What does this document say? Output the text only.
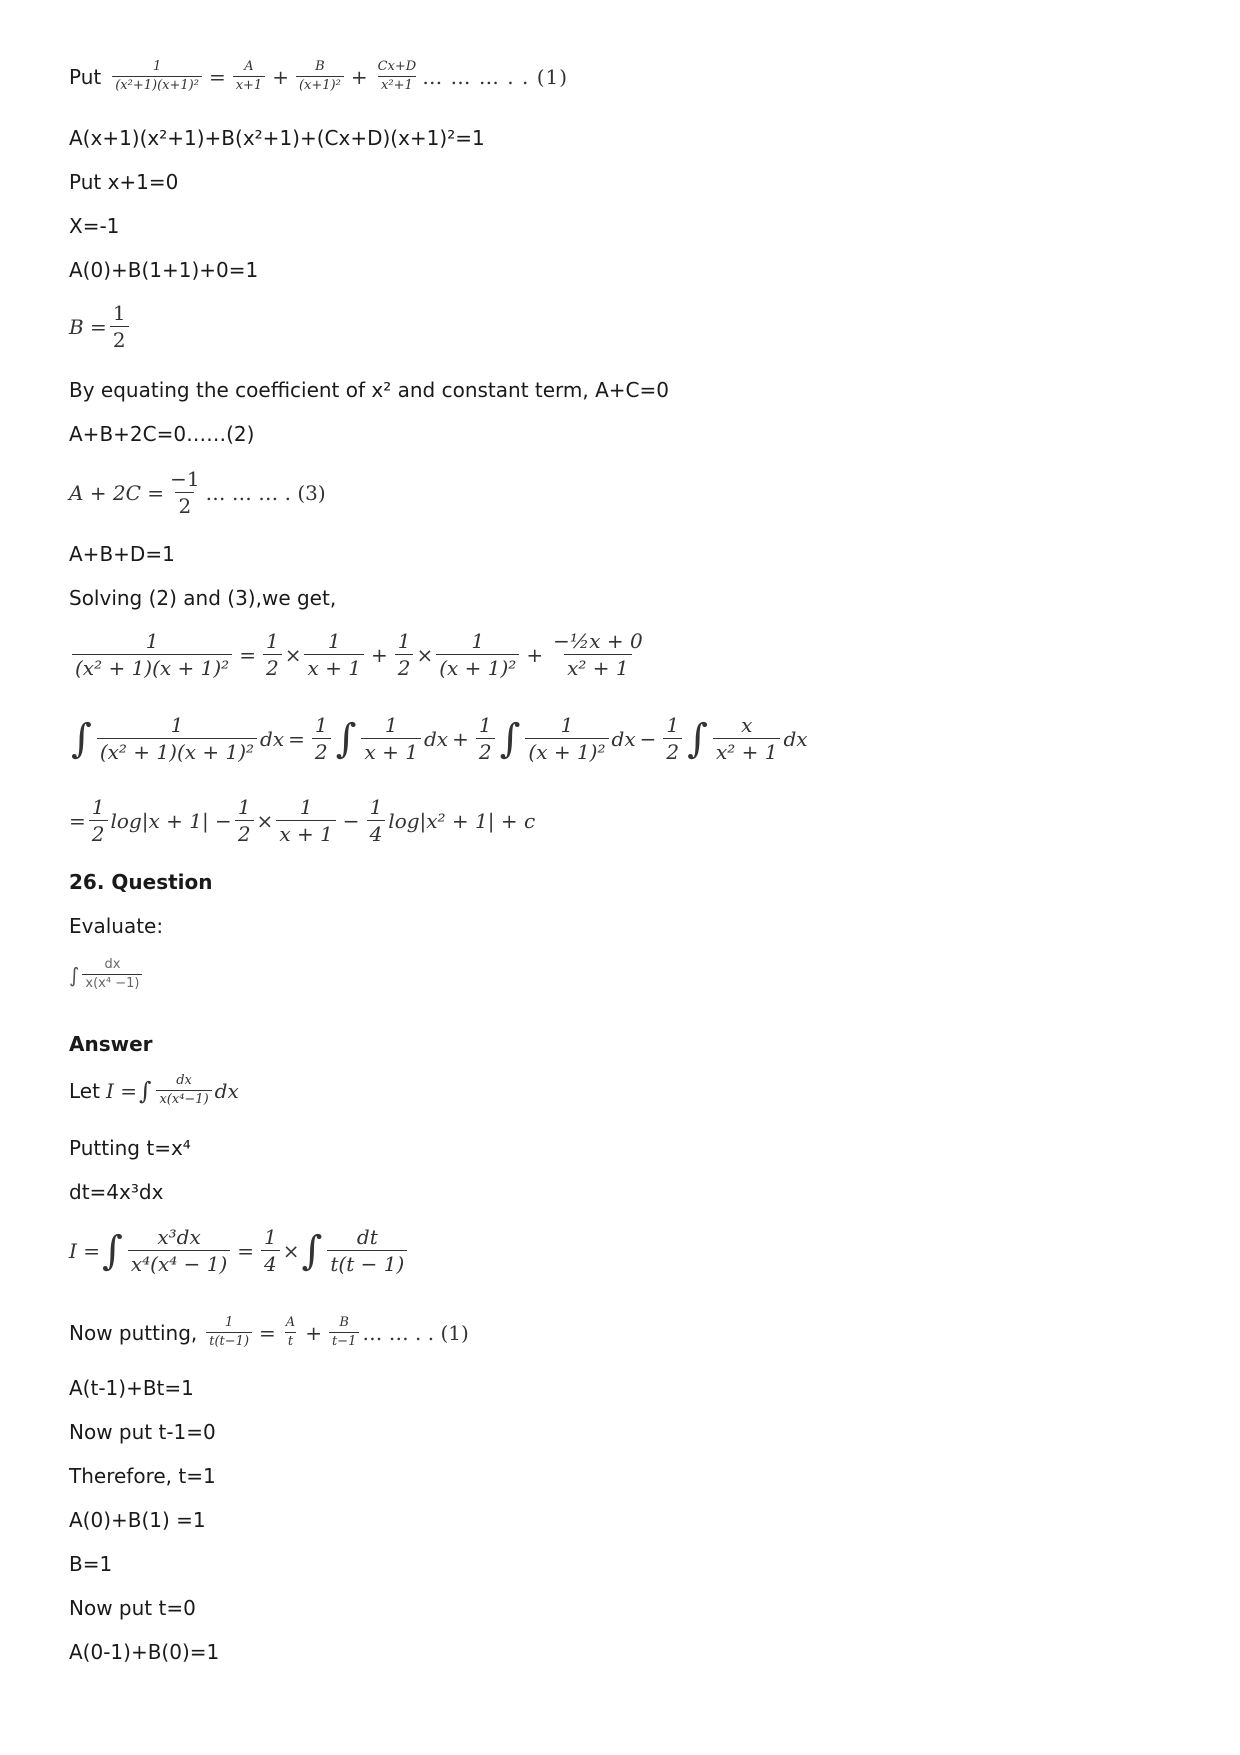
Put $\frac{1}{\text{(x²+1)(x+1)²}} = \frac{A}{x+1} + \frac{B}{\text{(x+1)²}} + \frac{Cx+D}{\text{x²+1}}$ … … … . . (1)
A(x+1)(x²+1)+B(x²+1)+(Cx+D)(x+1)²=1
Put x+1=0
X=-1
A(0)+B(1+1)+0=1
$B = \frac{1}{2}$
By equating the coefficient of x² and constant term, A+C=0
A+B+2C=0……(2)
$A + 2C = \frac{-1}{2}$ … … … . (3)
A+B+D=1
Solving (2) and (3),we get,
$\frac{1}{\text{(x² + 1)(x + 1)²}} = \frac{1}{2} \times \frac{1}{x + 1} + \frac{1}{2} \times \frac{1}{\text{(x + 1)²}} + \frac{\text{−½x + 0}}{\text{x² + 1}}$
∫ $\frac{1}{\text{(x² + 1)(x + 1)²}}$ dx = $\frac{1}{2}$ ∫ $\frac{1}{x + 1}$ dx + $\frac{1}{2}$ ∫ $\frac{1}{\text{(x + 1)²}}$ dx − $\frac{1}{2}$ ∫ $\frac{x}{\text{x² + 1}}$ dx
= $\frac{1}{2} \log|x + 1| - \frac{1}{2} \times \frac{1}{x + 1} - \frac{1}{4} \log|x^2 + 1| + c$
26. Question
Evaluate:
∫ $\frac{dx}{\text{x(x⁴ −1)}}$
Answer
Let I = ∫ $\frac{dx}{\text{x(x⁴−1)}}$ dx
Putting t=x⁴
dt=4x³dx
I = ∫ $\frac{\text{x³dx}}{\text{x⁴(x⁴ − 1)}} = \frac{1}{4}$ × ∫ $\frac{dt}{t(t - 1)}$
Now putting, $\frac{1}{t(t-1)} = \frac{A}{t} + \frac{B}{t-1}$ … … . . (1)
A(t-1)+Bt=1
Now put t-1=0
Therefore, t=1
A(0)+B(1) =1
B=1
Now put t=0
A(0-1)+B(0)=1
